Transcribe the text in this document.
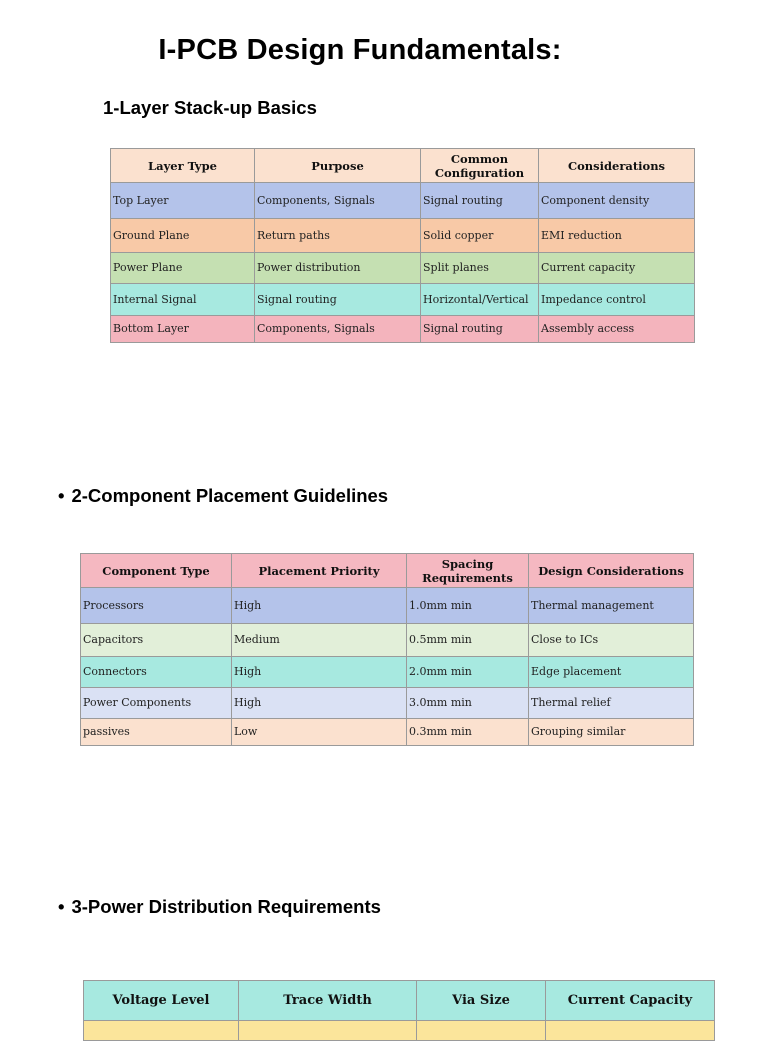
I-PCB Design Fundamentals:
1-Layer Stack-up Basics
Layer Type	Purpose	Common Configuration	Considerations
Top Layer	Components, Signals	Signal routing	Component density
Ground Plane	Return paths	Solid copper	EMI reduction
Power Plane	Power distribution	Split planes	Current capacity
Internal Signal	Signal routing	Horizontal/Vertical	Impedance control
Bottom Layer	Components, Signals	Signal routing	Assembly access
• 2-Component Placement Guidelines
Component Type	Placement Priority	Spacing Requirements	Design Considerations
Processors	High	1.0mm min	Thermal management
Capacitors	Medium	0.5mm min	Close to ICs
Connectors	High	2.0mm min	Edge placement
Power Components	High	3.0mm min	Thermal relief
passives	Low	0.3mm min	Grouping similar
• 3-Power Distribution Requirements
Voltage Level	Trace Width	Via Size	Current Capacity
